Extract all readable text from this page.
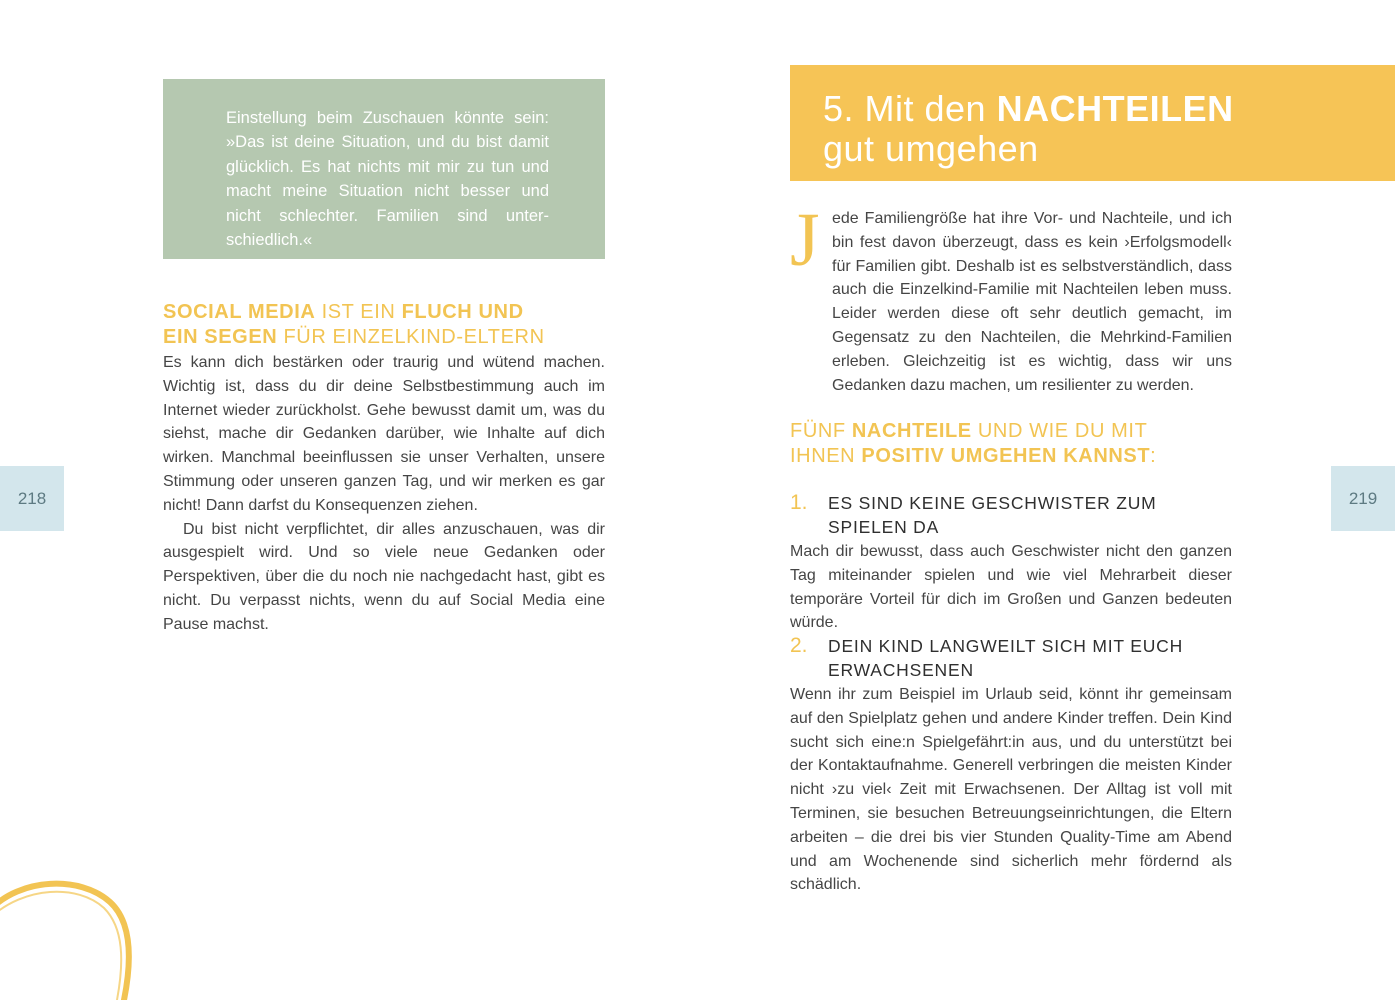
Einstellung beim Zuschauen könnte sein: »Das ist deine Situation, und du bist damit glücklich. Es hat nichts mit mir zu tun und macht meine Situation nicht besser und nicht schlechter. Familien sind unter-schiedlich.«

SOCIAL MEDIA IST EIN FLUCH UND
EIN SEGEN FÜR EINZELKIND-ELTERN

Es kann dich bestärken oder traurig und wütend machen. Wichtig ist, dass du dir deine Selbstbestimmung auch im Internet wieder zurückholst. Gehe bewusst damit um, was du siehst, mache dir Gedanken darüber, wie Inhalte auf dich wirken. Manchmal beeinflussen sie unser Verhalten, unsere Stimmung oder unseren ganzen Tag, und wir merken es gar nicht! Dann darfst du Konsequenzen ziehen.

Du bist nicht verpflichtet, dir alles anzuschauen, was dir ausgespielt wird. Und so viele neue Gedanken oder Perspektiven, über die du noch nie nachgedacht hast, gibt es nicht. Du verpasst nichts, wenn du auf Social Media eine Pause machst.

218
5. Mit den NACHTEILEN
gut umgehen
J ede Familiengröße hat ihre Vor- und Nachteile, und ich bin fest davon überzeugt, dass es kein ›Erfolgsmodell‹ für Familien gibt. Deshalb ist es selbstverständlich, dass auch die Einzelkind-Familie mit Nachteilen leben muss. Leider werden diese oft sehr deutlich gemacht, im Gegensatz zu den Nachteilen, die Mehrkind-Familien erleben. Gleichzeitig ist es wichtig, dass wir uns Gedanken dazu machen, um resilienter zu werden.

FÜNF NACHTEILE UND WIE DU MIT
IHNEN POSITIV UMGEHEN KANNST:
1. ES SIND KEINE GESCHWISTER ZUM SPIELEN DA

Mach dir bewusst, dass auch Geschwister nicht den ganzen Tag miteinander spielen und wie viel Mehrarbeit dieser temporäre Vorteil für dich im Großen und Ganzen bedeuten würde.

2. DEIN KIND LANGWEILT SICH MIT EUCH ERWACHSENEN

Wenn ihr zum Beispiel im Urlaub seid, könnt ihr gemeinsam auf den Spielplatz gehen und andere Kinder treffen. Dein Kind sucht sich eine:n Spielgefährt:in aus, und du unterstützt bei der Kontaktaufnahme. Generell verbringen die meisten Kinder nicht ›zu viel‹ Zeit mit Erwachsenen. Der Alltag ist voll mit Terminen, sie besuchen Betreuungseinrichtungen, die Eltern arbeiten – die drei bis vier Stunden Quality-Time am Abend und am Wochenende sind sicherlich mehr fördernd als schädlich.

219
